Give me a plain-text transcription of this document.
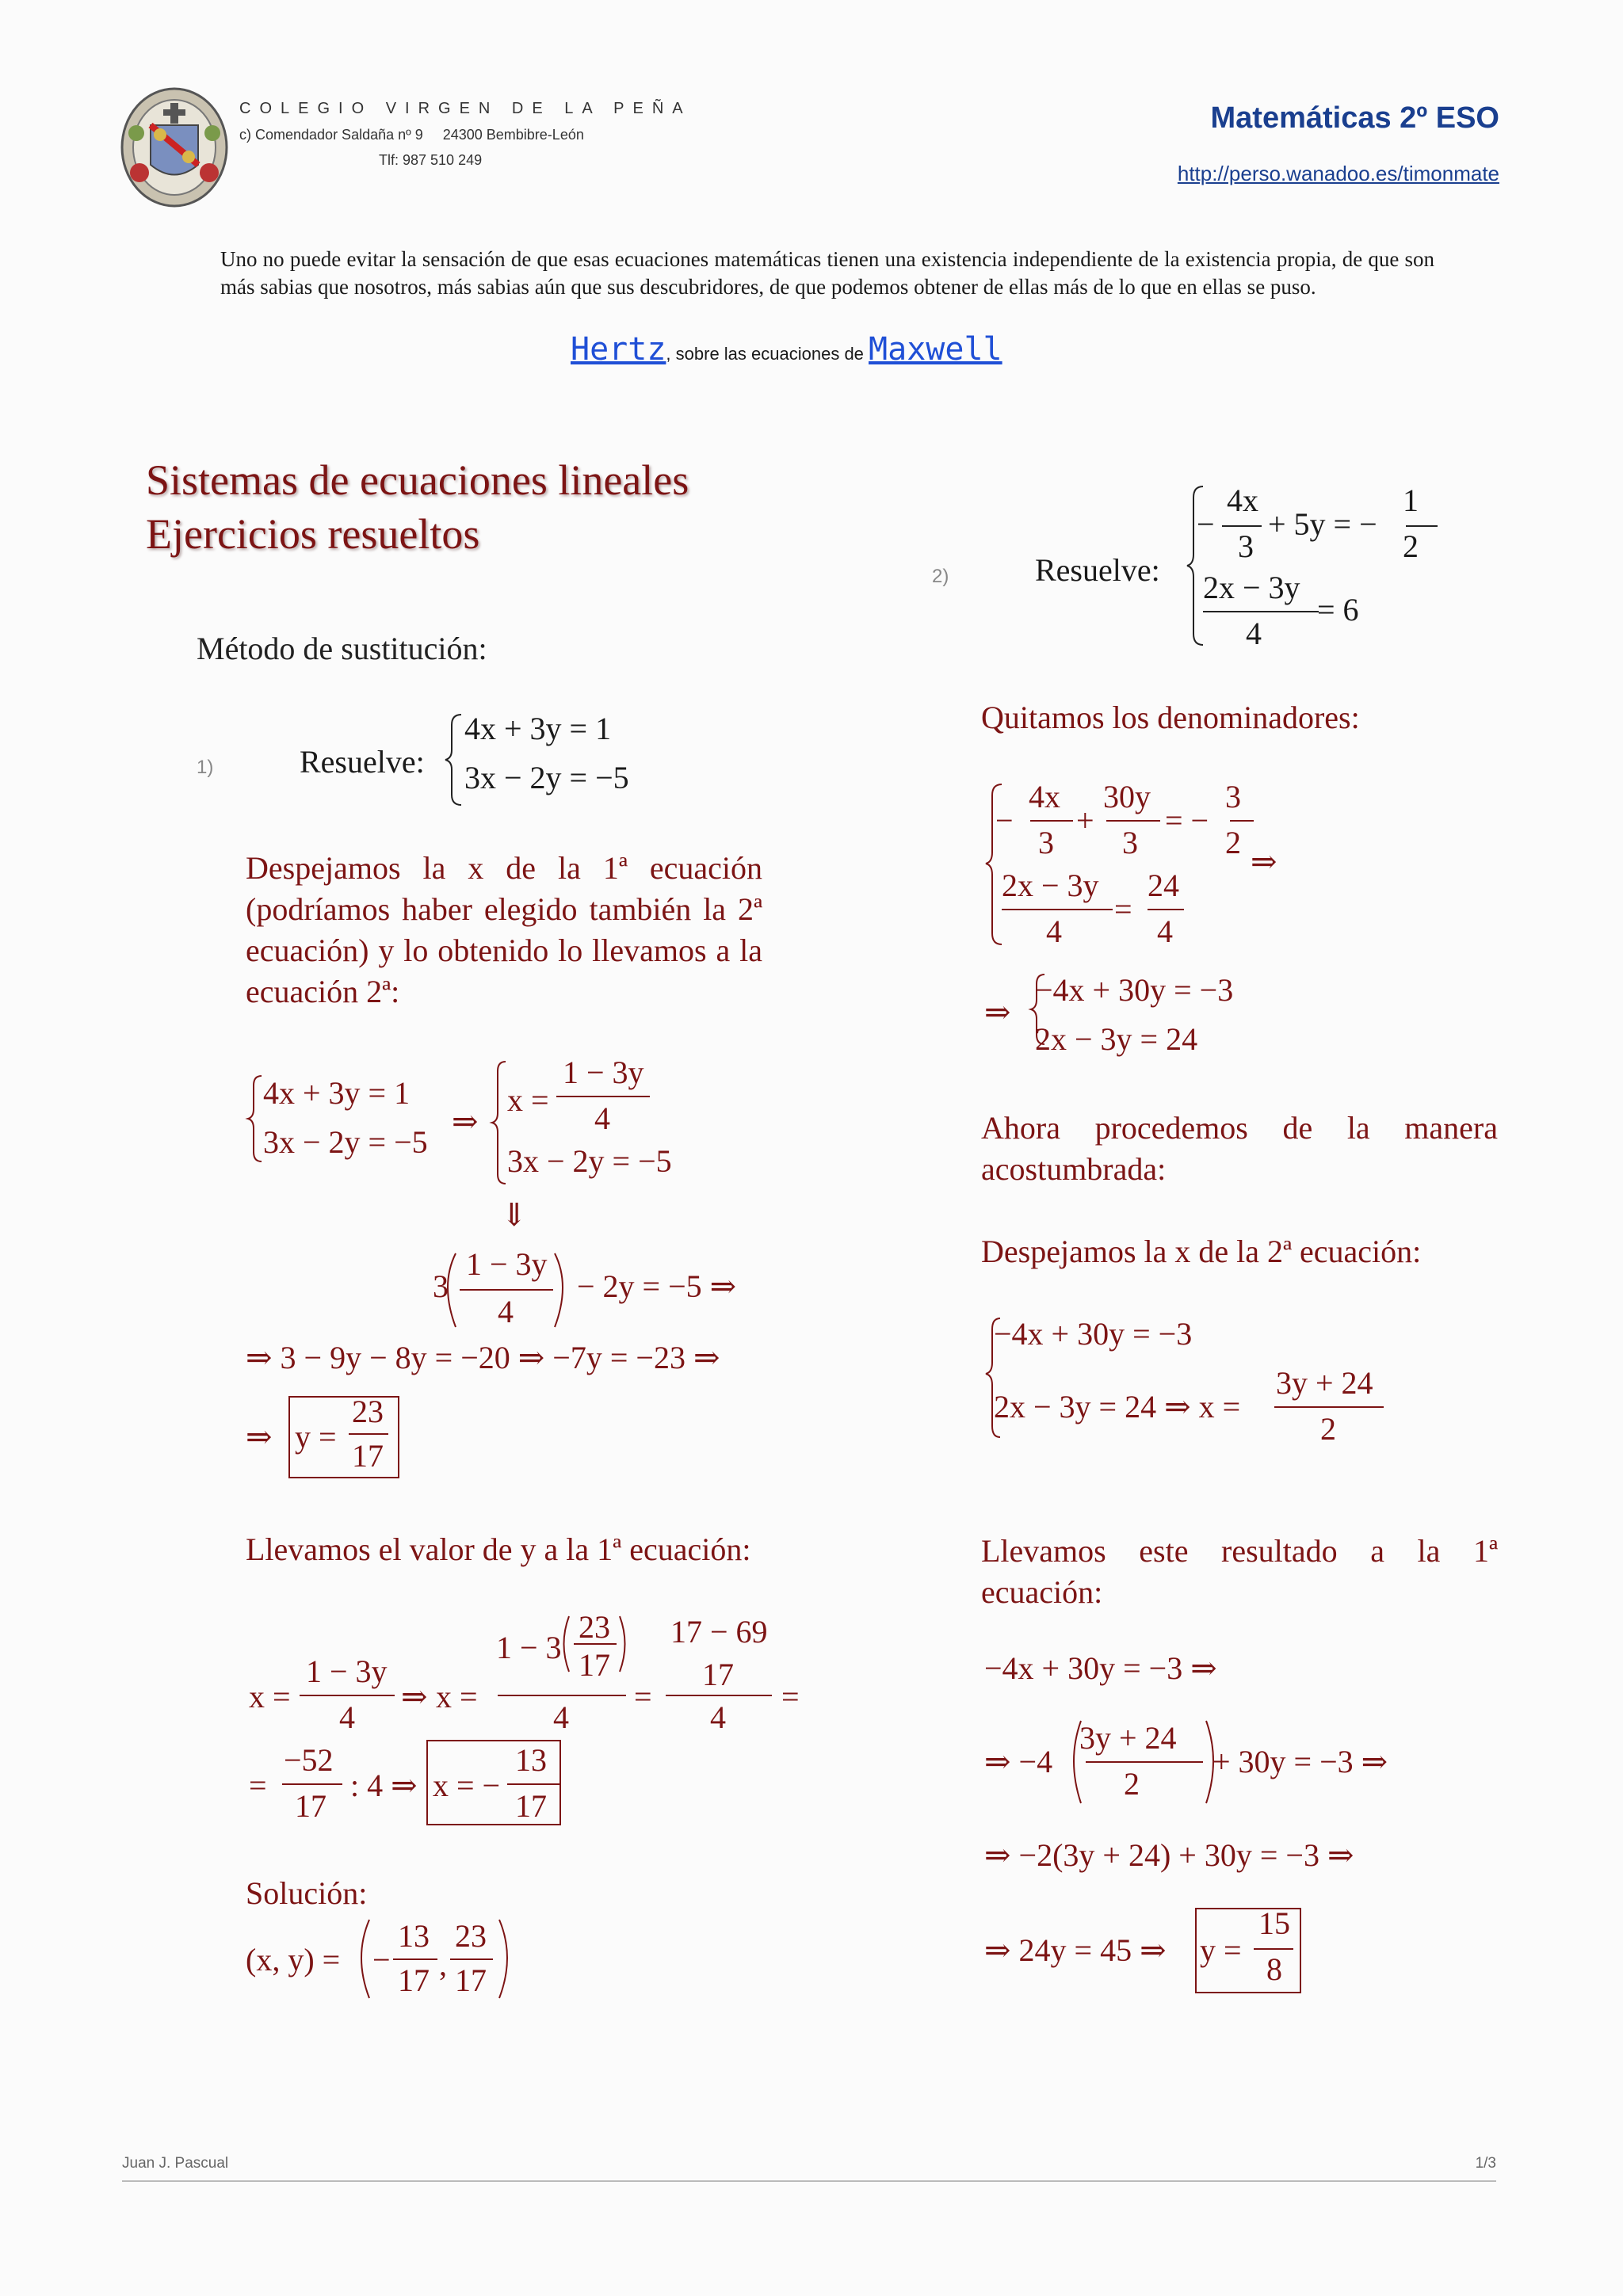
COLEGIO VIRGEN DE LA PEÑA
c) Comendador Saldaña nº 9     24300 Bembibre-León
Tlf: 987 510 249
Matemáticas 2º ESO
http://perso.wanadoo.es/timonmate
Uno no puede evitar la sensación de que esas ecuaciones matemáticas tienen una existencia independiente de la existencia propia, de que son más sabias que nosotros, más sabias aún que sus descubridores, de que podemos obtener de ellas más de lo que en ellas se puso.
Hertz, sobre las ecuaciones de Maxwell
Sistemas de ecuaciones lineales
Ejercicios resueltos
Método de sustitución:
1)	Resuelve:
4x + 3y = 1
3x − 2y = −5
Despejamos la x de la 1ª ecuación (podríamos haber elegido también la 2ª ecuación) y lo obtenido lo llevamos a la ecuación 2ª:
4x + 3y = 1
3x − 2y = −5
⇒
x =
1 − 3y
4
3x − 2y = −5
⇓
3
1 − 3y
4
− 2y = −5 ⇒
⇒ 3 − 9y − 8y = −20 ⇒ −7y = −23 ⇒
⇒ y =
23
17
Llevamos el valor de y a la 1ª ecuación:
x =
1 − 3y
4
⇒ x =
1 − 3
23
17
4
=
17 − 69
17
4
=
=
−52
17
: 4 ⇒ x = −
13
17
Solución:
(x, y) = −
13
17 ,
23
17
2)	Resuelve:
−
4x
3
+ 5y = −
1
2
2x − 3y
4
= 6
Quitamos los denominadores:
−
4x
3
+
30y
3
= −
3
2
⇒
2x − 3y
4
=
24
4
⇒
−4x + 30y = −3
2x − 3y = 24
Ahora procedemos de la manera acostumbrada:
Despejamos la x de la 2ª ecuación:
−4x + 30y = −3
2x − 3y = 24 ⇒ x =
3y + 24
2
Llevamos este resultado a la 1ª ecuación:
−4x + 30y = −3 ⇒
⇒ −4
3y + 24
2
+ 30y = −3 ⇒
⇒ −2(3y + 24) + 30y = −3 ⇒
⇒ 24y = 45 ⇒ y =
15
8
Juan J. Pascual	1/3
